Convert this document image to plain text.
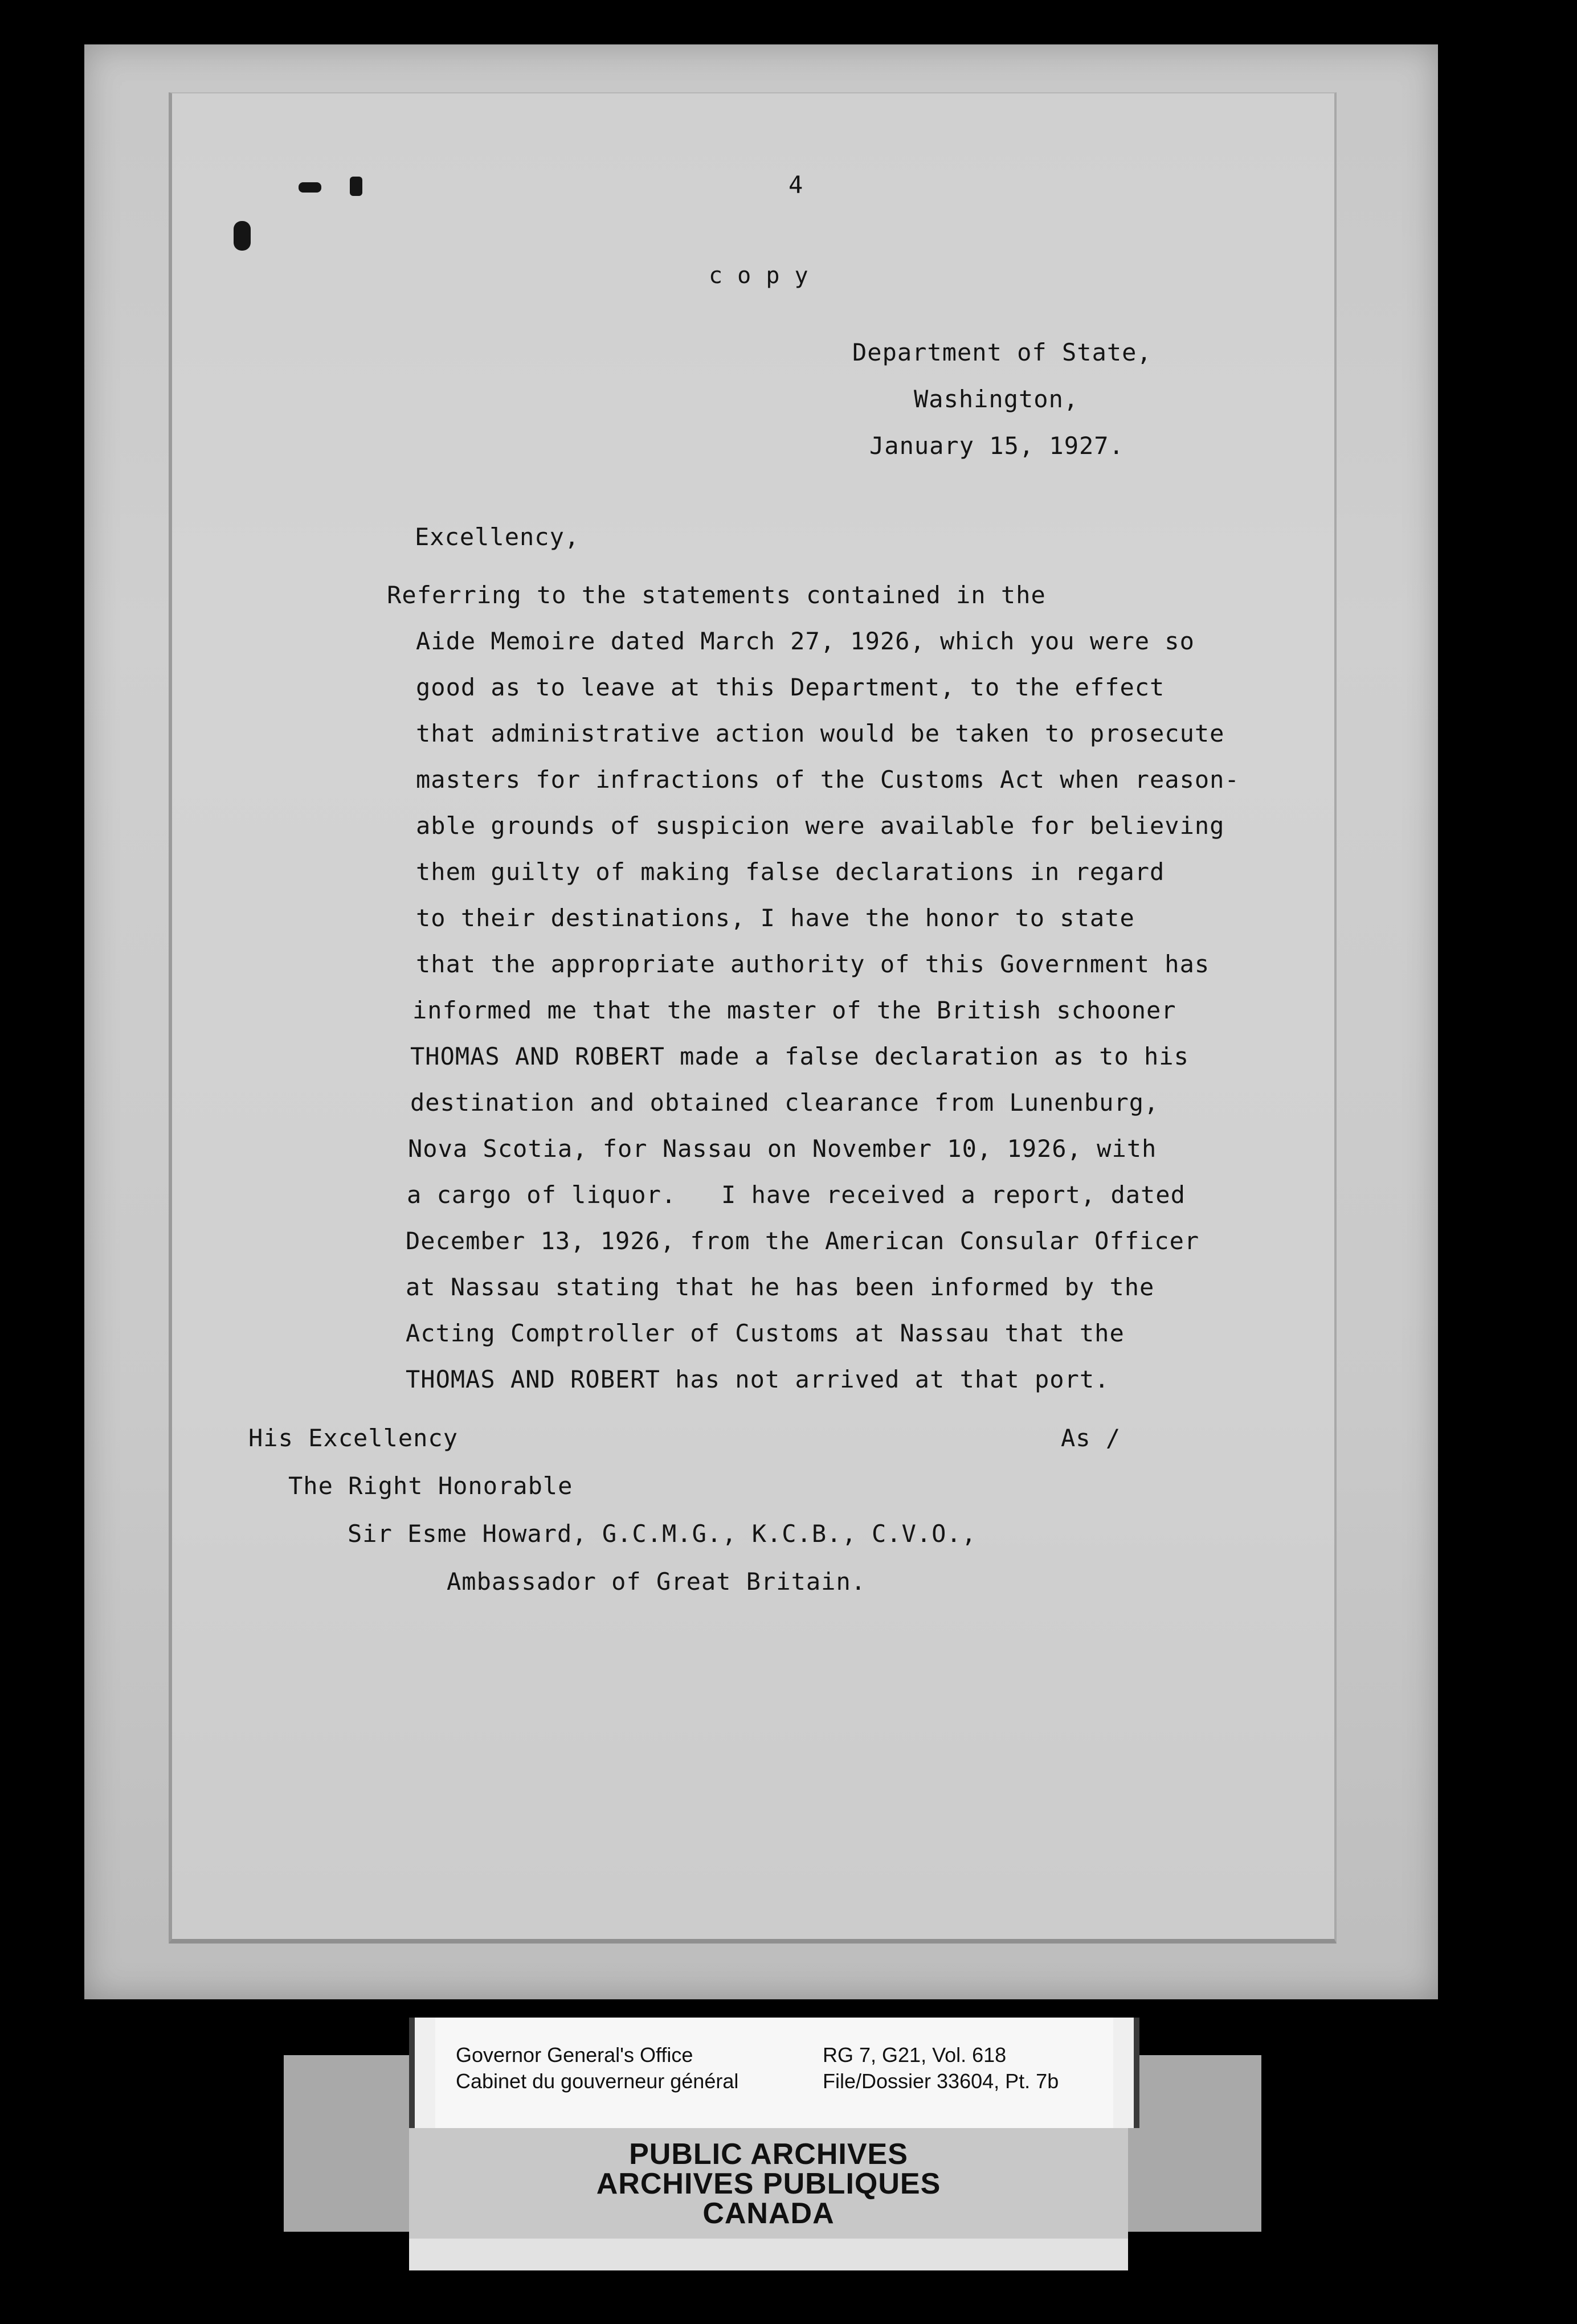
4
c o p y
Department of State,
Washington,
January 15, 1927.
Excellency,
Referring to the statements contained in the
Aide Memoire dated March 27, 1926, which you were so
good as to leave at this Department, to the effect
that administrative action would be taken to prosecute
masters for infractions of the Customs Act when reason-
able grounds of suspicion were available for believing
them guilty of making false declarations in regard
to their destinations, I have the honor to state
that the appropriate authority of this Government has
informed me that the master of the British schooner
THOMAS AND ROBERT made a false declaration as to his
destination and obtained clearance from Lunenburg,
Nova Scotia, for Nassau on November 10, 1926, with
a cargo of liquor.   I have received a report, dated
December 13, 1926, from the American Consular Officer
at Nassau stating that he has been informed by the
Acting Comptroller of Customs at Nassau that the
THOMAS AND ROBERT has not arrived at that port.
His Excellency	As /
The Right Honorable
Sir Esme Howard, G.C.M.G., K.C.B., C.V.O.,
Ambassador of Great Britain.
Governor General's Office
Cabinet du gouverneur général
RG 7, G21, Vol. 618
File/Dossier 33604, Pt. 7b
PUBLIC ARCHIVES
ARCHIVES PUBLIQUES
CANADA
